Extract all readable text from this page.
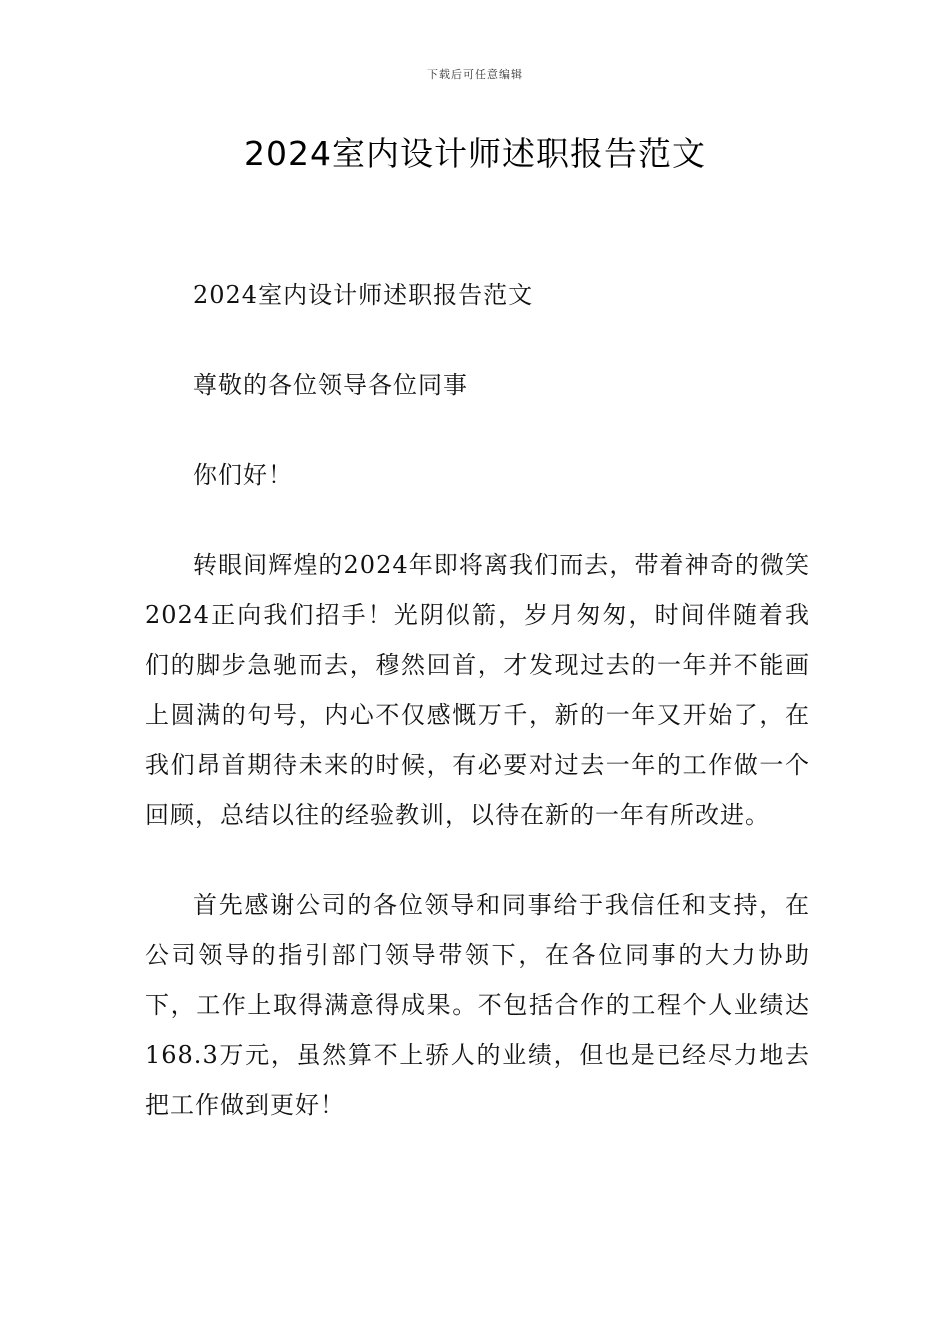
下载后可任意编辑
2024室内设计师述职报告范文

2024室内设计师述职报告范文

尊敬的各位领导各位同事

你们好！

转眼间辉煌的2024年即将离我们而去，带着神奇的微笑2024正向我们招手！光阴似箭，岁月匆匆，时间伴随着我们的脚步急驰而去，穆然回首，才发现过去的一年并不能画上圆满的句号，内心不仅感慨万千，新的一年又开始了，在我们昂首期待未来的时候，有必要对过去一年的工作做一个回顾，总结以往的经验教训，以待在新的一年有所改进。

首先感谢公司的各位领导和同事给于我信任和支持，在公司领导的指引部门领导带领下，在各位同事的大力协助下，工作上取得满意得成果。不包括合作的工程个人业绩达168.3万元，虽然算不上骄人的业绩，但也是已经尽力地去把工作做到更好！
